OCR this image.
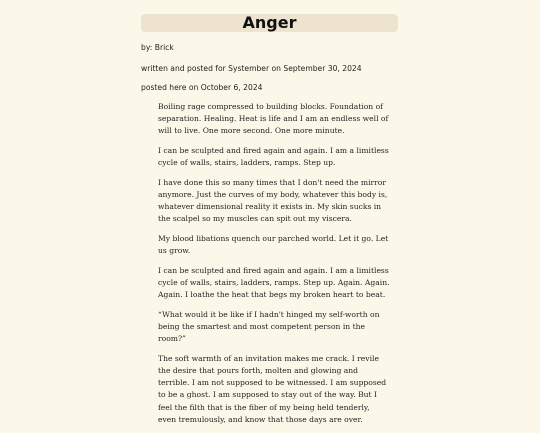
Anger
by: Brick
written and posted for Systember on September 30, 2024
posted here on October 6, 2024

Boiling rage compressed to building blocks. Foundation of separation. Healing. Heat is life and I am an endless well of will to live. One more second. One more minute.

I can be sculpted and fired again and again. I am a limitless cycle of walls, stairs, ladders, ramps. Step up.

I have done this so many times that I don't need the mirror anymore. Just the curves of my body, whatever this body is, whatever dimensional reality it exists in. My skin sucks in the scalpel so my muscles can spit out my viscera.

My blood libations quench our parched world. Let it go. Let us grow.

I can be sculpted and fired again and again. I am a limitless cycle of walls, stairs, ladders, ramps. Step up. Again. Again. Again. I loathe the heat that begs my broken heart to beat.

“What would it be like if I hadn't hinged my self-worth on being the smartest and most competent person in the room?”

The soft warmth of an invitation makes me crack. I revile the desire that pours forth, molten and glowing and terrible. I am not supposed to be witnessed. I am supposed to be a ghost. I am supposed to stay out of the way. But I feel the filth that is the fiber of my being held tenderly, even tremulously, and know that those days are over.
